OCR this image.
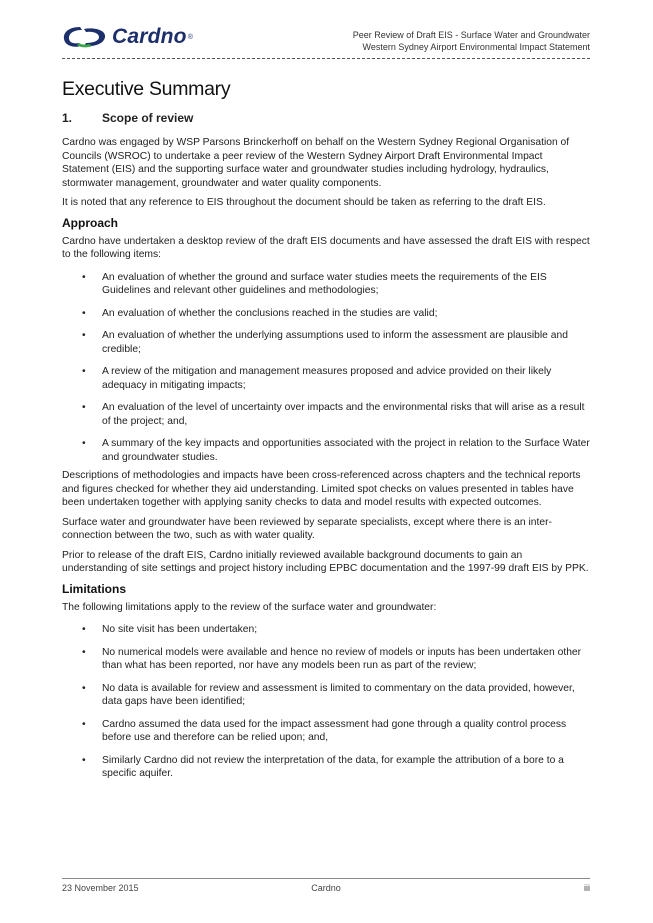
Cardno ®	Peer Review of Draft EIS - Surface Water and Groundwater
Western Sydney Airport Environmental Impact Statement
Executive Summary
1.	Scope of review

Cardno was engaged by WSP Parsons Brinckerhoff on behalf on the Western Sydney Regional Organisation of Councils (WSROC) to undertake a peer review of the Western Sydney Airport Draft Environmental Impact Statement (EIS) and the supporting surface water and groundwater studies including hydrology, hydraulics, stormwater management, groundwater and water quality components.

It is noted that any reference to EIS throughout the document should be taken as referring to the draft EIS.

Approach

Cardno have undertaken a desktop review of the draft EIS documents and have assessed the draft EIS with respect to the following items:

• An evaluation of whether the ground and surface water studies meets the requirements of the EIS Guidelines and relevant other guidelines and methodologies;
• An evaluation of whether the conclusions reached in the studies are valid;
• An evaluation of whether the underlying assumptions used to inform the assessment are plausible and credible;
• A review of the mitigation and management measures proposed and advice provided on their likely adequacy in mitigating impacts;
• An evaluation of the level of uncertainty over impacts and the environmental risks that will arise as a result of the project; and,
• A summary of the key impacts and opportunities associated with the project in relation to the Surface Water and groundwater studies.

Descriptions of methodologies and impacts have been cross-referenced across chapters and the technical reports and figures checked for whether they aid understanding. Limited spot checks on values presented in tables have been undertaken together with applying sanity checks to data and model results with expected outcomes.

Surface water and groundwater have been reviewed by separate specialists, except where there is an inter-connection between the two, such as with water quality.

Prior to release of the draft EIS, Cardno initially reviewed available background documents to gain an understanding of site settings and project history including EPBC documentation and the 1997-99 draft EIS by PPK.

Limitations

The following limitations apply to the review of the surface water and groundwater:

• No site visit has been undertaken;
• No numerical models were available and hence no review of models or inputs has been undertaken other than what has been reported, nor have any models been run as part of the review;
• No data is available for review and assessment is limited to commentary on the data provided, however, data gaps have been identified;
• Cardno assumed the data used for the impact assessment had gone through a quality control process before use and therefore can be relied upon; and,
• Similarly Cardno did not review the interpretation of the data, for example the attribution of a bore to a specific aquifer.
23 November 2015	Cardno	iii
